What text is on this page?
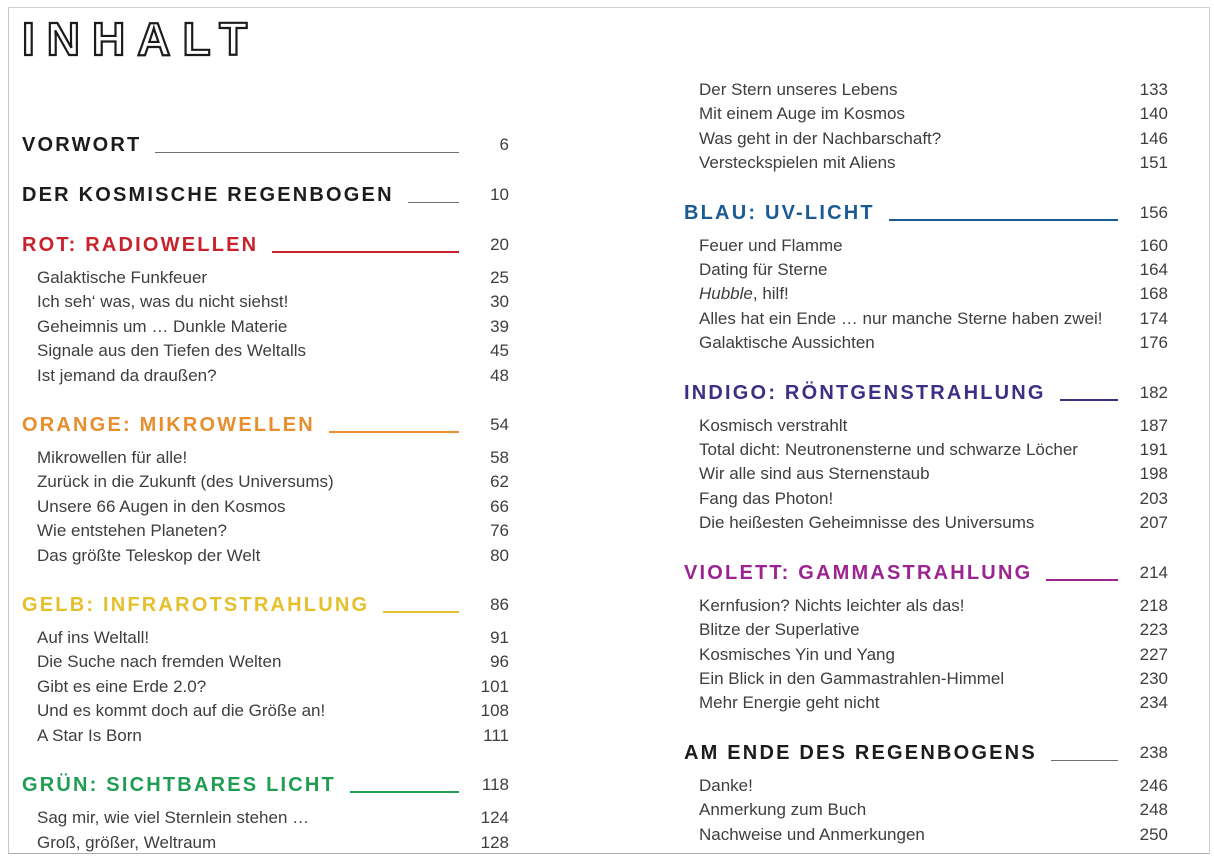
INHALT
VORWORT	6
DER KOSMISCHE REGENBOGEN	10
ROT: RADIOWELLEN	20
Galaktische Funkfeuer	25
Ich seh‘ was, was du nicht siehst!	30
Geheimnis um … Dunkle Materie	39
Signale aus den Tiefen des Weltalls	45
Ist jemand da draußen?	48
ORANGE: MIKROWELLEN	54
Mikrowellen für alle!	58
Zurück in die Zukunft (des Universums)	62
Unsere 66 Augen in den Kosmos	66
Wie entstehen Planeten?	76
Das größte Teleskop der Welt	80
GELB: INFRAROTSTRAHLUNG	86
Auf ins Weltall!	91
Die Suche nach fremden Welten	96
Gibt es eine Erde 2.0?	101
Und es kommt doch auf die Größe an!	108
A Star Is Born	111
GRÜN: SICHTBARES LICHT	118
Sag mir, wie viel Sternlein stehen …	124
Groß, größer, Weltraum	128
Der Stern unseres Lebens	133
Mit einem Auge im Kosmos	140
Was geht in der Nachbarschaft?	146
Versteckspielen mit Aliens	151
BLAU: UV-LICHT	156
Feuer und Flamme	160
Dating für Sterne	164
Hubble, hilf!	168
Alles hat ein Ende … nur manche Sterne haben zwei!	174
Galaktische Aussichten	176
INDIGO: RÖNTGENSTRAHLUNG	182
Kosmisch verstrahlt	187
Total dicht: Neutronensterne und schwarze Löcher	191
Wir alle sind aus Sternenstaub	198
Fang das Photon!	203
Die heißesten Geheimnisse des Universums	207
VIOLETT: GAMMASTRAHLUNG	214
Kernfusion? Nichts leichter als das!	218
Blitze der Superlative	223
Kosmisches Yin und Yang	227
Ein Blick in den Gammastrahlen-Himmel	230
Mehr Energie geht nicht	234
AM ENDE DES REGENBOGENS	238
Danke!	246
Anmerkung zum Buch	248
Nachweise und Anmerkungen	250
